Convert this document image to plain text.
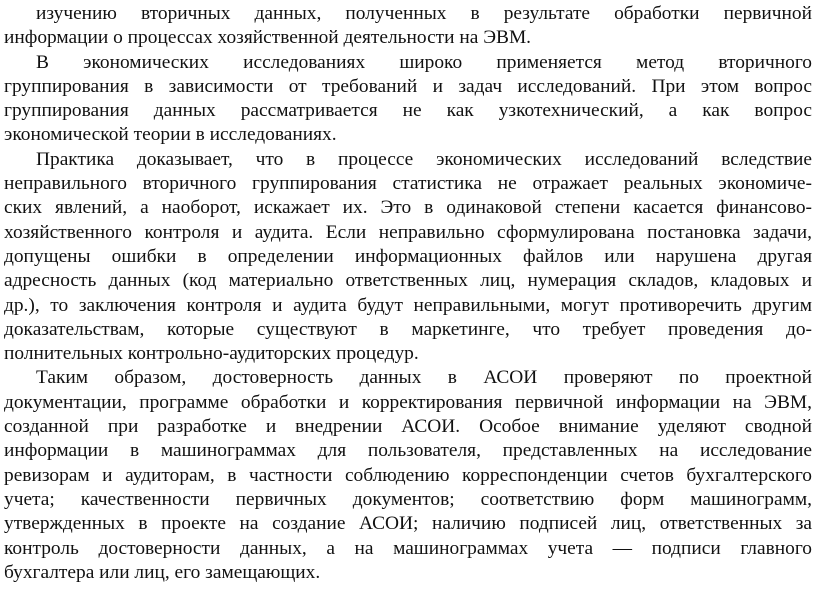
изучению вторичных данных, полученных в результате обработки первичной
информации о процессах хозяйственной деятельности на ЭВМ.
В экономических исследованиях широко применяется метод вторичного
группирования в зависимости от требований и задач исследований. При этом вопрос
группирования данных рассматривается не как узкотехнический, а как вопрос
экономической теории в исследованиях.
Практика доказывает, что в процессе экономических исследований вследствие
неправильного вторичного группирования статистика не отражает реальных экономиче-
ских явлений, а наоборот, искажает их. Это в одинаковой степени касается финансово-
хозяйственного контроля и аудита. Если неправильно сформулирована постановка задачи,
допущены ошибки в определении информационных файлов или нарушена другая
адресность данных (код материально ответственных лиц, нумерация складов, кладовых и
др.), то заключения контроля и аудита будут неправильными, могут противоречить другим
доказательствам, которые существуют в маркетинге, что требует проведения до-
полнительных контрольно-аудиторских процедур.
Таким образом, достоверность данных в АСОИ проверяют по проектной
документации, программе обработки и корректирования первичной информации на ЭВМ,
созданной при разработке и внедрении АСОИ. Особое внимание уделяют сводной
информации в машинограммах для пользователя, представленных на исследование
ревизорам и аудиторам, в частности соблюдению корреспонденции счетов бухгалтерского
учета; качественности первичных документов; соответствию форм машинограмм,
утвержденных в проекте на создание АСОИ; наличию подписей лиц, ответственных за
контроль достоверности данных, а на машинограммах учета — подписи главного
бухгалтера или лиц, его замещающих.
